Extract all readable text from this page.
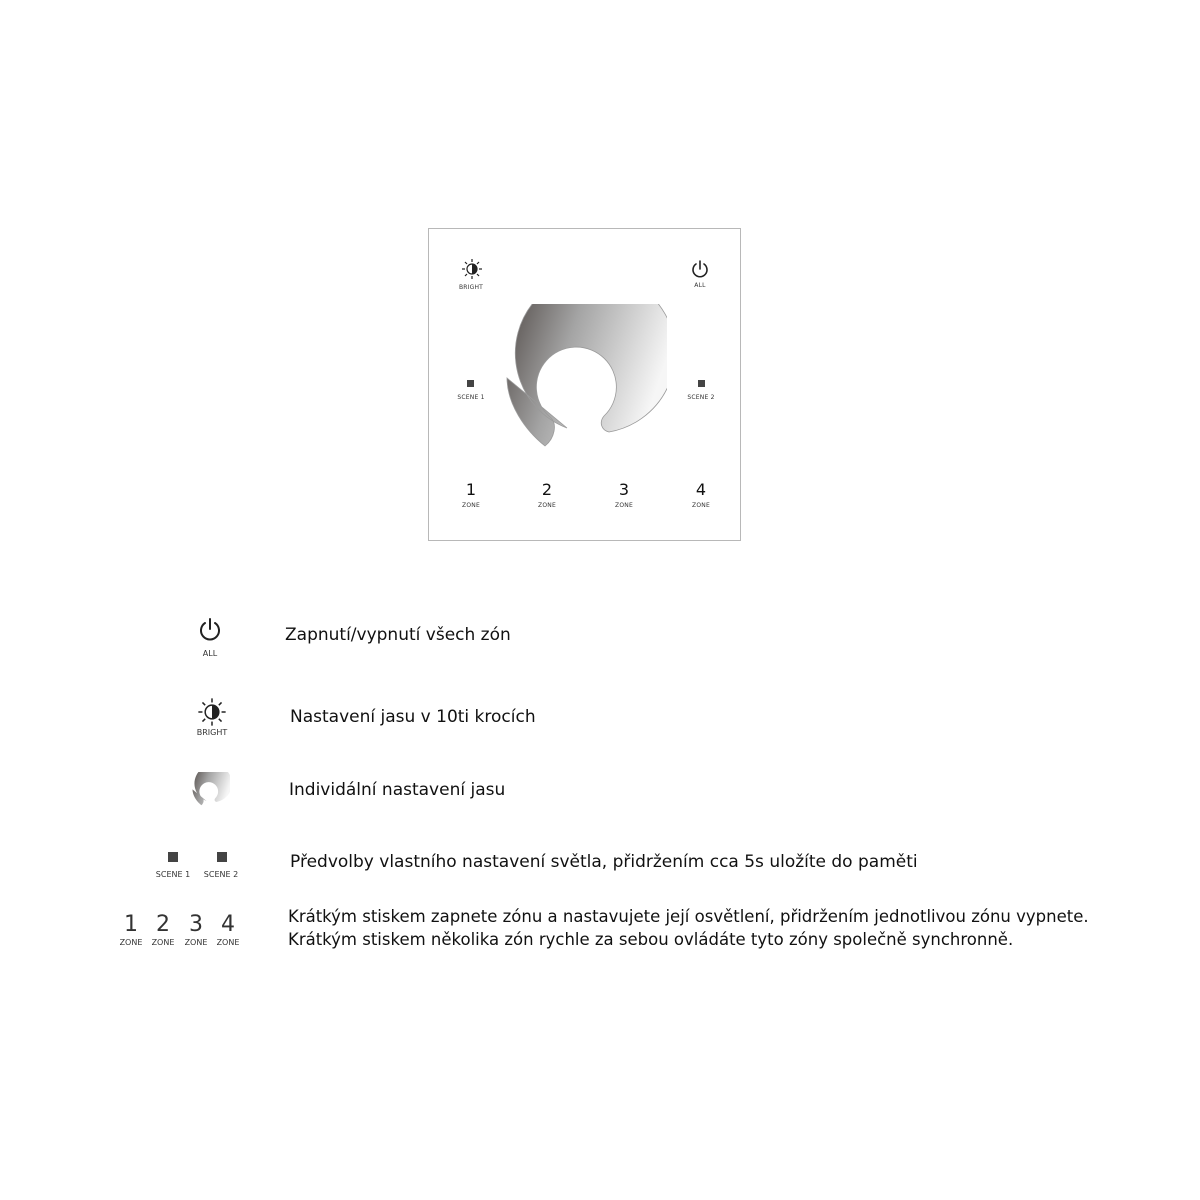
BRIGHT	ALL
SCENE 1	SCENE 2
1
ZONE
2
ZONE
3
ZONE
4
ZONE
ALL
Zapnutí/vypnutí všech zón
BRIGHT
Nastavení jasu v 10ti krocích
Individální nastavení jasu
SCENE 1	SCENE 2
Předvolby vlastního nastavení světla, přidržením cca 5s uložíte do paměti
1
ZONE
2
ZONE
3
ZONE
4
ZONE
Krátkým stiskem zapnete zónu a nastavujete její osvětlení, přidržením jednotlivou zónu vypnete.
Krátkým stiskem několika zón rychle za sebou ovládáte tyto zóny společně synchronně.
